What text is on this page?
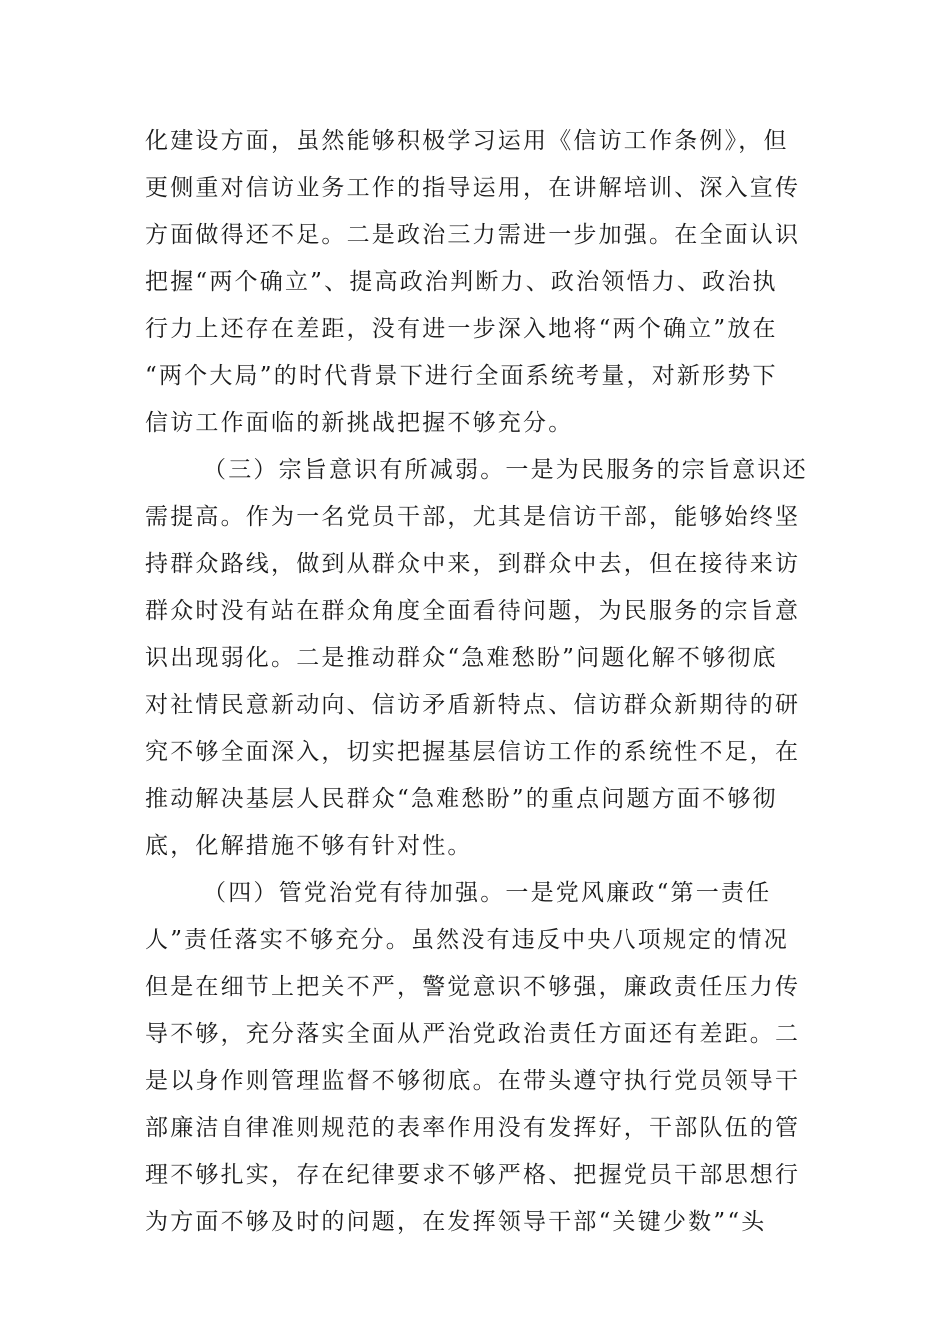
化建设方面，虽然能够积极学习运用《信访工作条例》，但
更侧重对信访业务工作的指导运用，在讲解培训、深入宣传
方面做得还不足。二是政治三力需进一步加强。在全面认识
把握“两个确立”、提高政治判断力、政治领悟力、政治执
行力上还存在差距，没有进一步深入地将“两个确立”放在
“两个大局”的时代背景下进行全面系统考量，对新形势下
信访工作面临的新挑战把握不够充分。
（三）宗旨意识有所减弱。一是为民服务的宗旨意识还
需提高。作为一名党员干部，尤其是信访干部，能够始终坚
持群众路线，做到从群众中来，到群众中去，但在接待来访
群众时没有站在群众角度全面看待问题，为民服务的宗旨意
识出现弱化。二是推动群众“急难愁盼”问题化解不够彻底
对社情民意新动向、信访矛盾新特点、信访群众新期待的研
究不够全面深入，切实把握基层信访工作的系统性不足，在
推动解决基层人民群众“急难愁盼”的重点问题方面不够彻
底，化解措施不够有针对性。
（四）管党治党有待加强。一是党风廉政“第一责任
人”责任落实不够充分。虽然没有违反中央八项规定的情况
但是在细节上把关不严，警觉意识不够强，廉政责任压力传
导不够，充分落实全面从严治党政治责任方面还有差距。二
是以身作则管理监督不够彻底。在带头遵守执行党员领导干
部廉洁自律准则规范的表率作用没有发挥好，干部队伍的管
理不够扎实，存在纪律要求不够严格、把握党员干部思想行
为方面不够及时的问题，在发挥领导干部“关键少数”“头
